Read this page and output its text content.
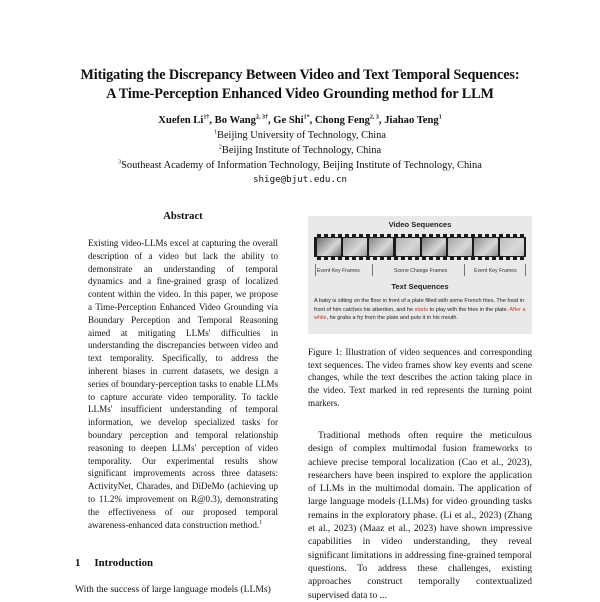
Mitigating the Discrepancy Between Video and Text Temporal Sequences:
A Time-Perception Enhanced Video Grounding method for LLM
Xuefen $Li^{1\dagger}$, Bo Wang$^{2, 3\dagger}$, Ge Shi$^{1*}$, Chong Feng$^{2, 3}$, Jiahao Teng$^1$
$^1$Beijing University of Technology, China
$^2$Beijing Institute of Technology, China
$^3$Southeast Academy of Information Technology, Beijing Institute of Technology, China
shige@bjut.edu.cn
Abstract
Existing video-LLMs excel at capturing the overall description of a video but lack the ability to demonstrate an understanding of temporal dynamics and a fine-grained grasp of localized content within the video. In this paper, we propose a Time-Perception Enhanced Video Grounding via Boundary Perception and Temporal Reasoning aimed at mitigating LLMs' difficulties in understanding the discrepancies between video and text temporality. Specifically, to address the inherent biases in current datasets, we design a series of boundary-perception tasks to enable LLMs to capture accurate video temporality. To tackle LLMs' insufficient understanding of temporal information, we develop specialized tasks for boundary perception and temporal relationship reasoning to deepen LLMs' perception of video temporality. Our experimental results show significant improvements across three datasets: ActivityNet, Charades, and DiDeMo (achieving up to 11.2% improvement on R@0.3), demonstrating the effectiveness of our proposed temporal awareness-enhanced data construction method.$^1$
1 Introduction
With the success of large language models (LLMs)
Video Sequences
Event Key Frames	Scene Change Frames	Event Key Frames
Text Sequences
A baby is sitting on the floor in front of a plate filled with some French fries. The food in front of him catches his attention, and he starts to play with the fries in the plate. After a while, he grabs a fry from the plate and puts it in his mouth.
Figure 1: Illustration of video sequences and corresponding text sequences. The video frames show key events and scene changes, while the text describes the action taking place in the video. Text marked in red represents the turning point markers.
Traditional methods often require the meticulous design of complex multimodal fusion frameworks to achieve precise temporal localization (Cao et al., 2023), researchers have been inspired to explore the application of LLMs in the multimodal domain. The application of large language models (LLMs) for video grounding tasks remains in the exploratory phase. (Li et al., 2023) (Zhang et al., 2023) (Maaz et al., 2023) have shown impressive capabilities in video understanding, they reveal significant limitations in addressing fine-grained temporal questions. To address these challenges, existing approaches construct temporally contextualized supervised data to ...
